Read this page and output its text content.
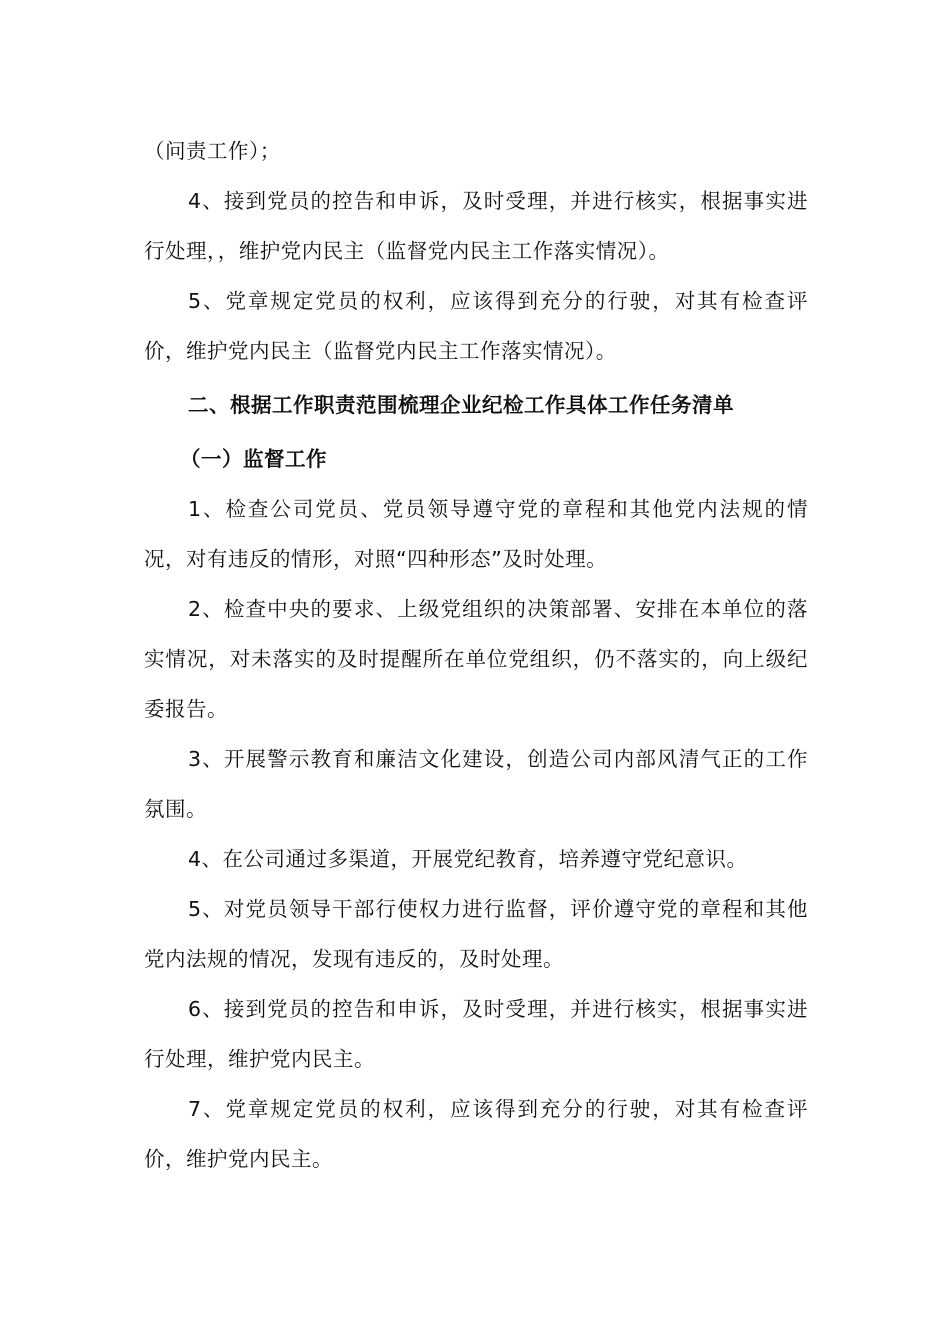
（问责工作）；

4、接到党员的控告和申诉，及时受理，并进行核实，根据事实进行处理，，维护党内民主（监督党内民主工作落实情况）。

5、党章规定党员的权利，应该得到充分的行驶，对其有检查评价，维护党内民主（监督党内民主工作落实情况）。

二、根据工作职责范围梳理企业纪检工作具体工作任务清单

（一）监督工作

1、检查公司党员、党员领导遵守党的章程和其他党内法规的情况，对有违反的情形，对照“四种形态”及时处理。

2、检查中央的要求、上级党组织的决策部署、安排在本单位的落实情况，对未落实的及时提醒所在单位党组织，仍不落实的，向上级纪委报告。

3、开展警示教育和廉洁文化建设，创造公司内部风清气正的工作氛围。

4、在公司通过多渠道，开展党纪教育，培养遵守党纪意识。

5、对党员领导干部行使权力进行监督，评价遵守党的章程和其他党内法规的情况，发现有违反的，及时处理。

6、接到党员的控告和申诉，及时受理，并进行核实，根据事实进行处理，维护党内民主。

7、党章规定党员的权利，应该得到充分的行驶，对其有检查评价，维护党内民主。
